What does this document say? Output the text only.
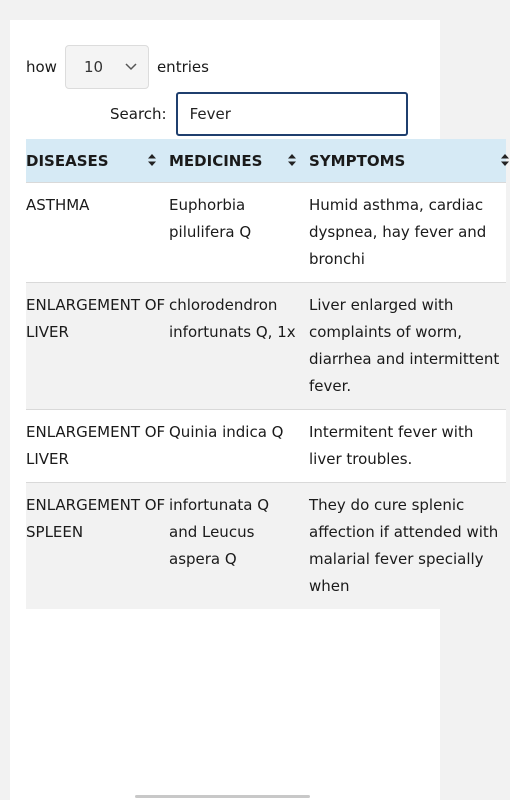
how 10	entries
Search:
Fever
DISEASES	MEDICINES	SYMPTOMS

ASTHMA	Euphorbia pilulifera Q	Humid asthma, cardiac dyspnea, hay fever and bronchi
ENLARGEMENT OF LIVER	chlorodendron infortunats Q, 1x	Liver enlarged with complaints of worm, diarrhea and intermittent fever.
ENLARGEMENT OF LIVER	Quinia indica Q	Intermitent fever with liver troubles.
ENLARGEMENT OF SPLEEN	infortunata Q and Leucus aspera Q	They do cure splenic affection if attended with malarial fever specially when
